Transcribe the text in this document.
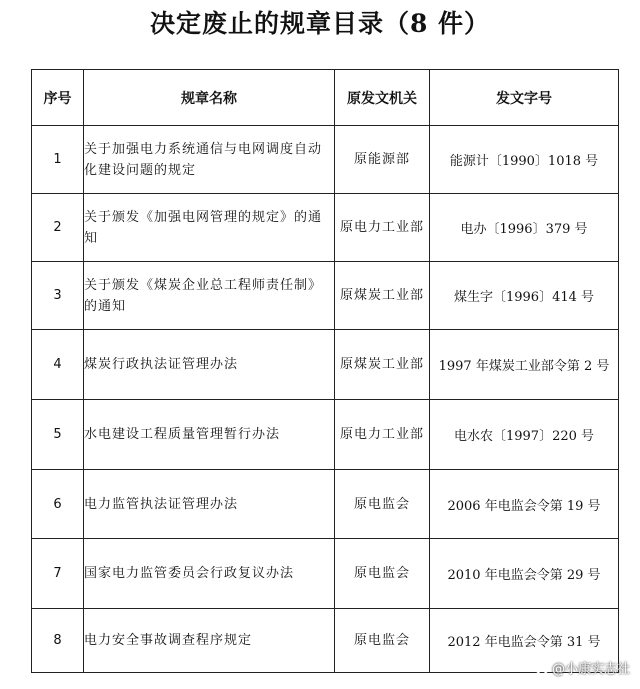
决定废止的规章目录（8 件）
序号	规章名称	原发文机关	发文字号
1	关于加强电力系统通信与电网调度自动化建设问题的规定	原能源部	能源计〔1990〕1018 号
2	关于颁发《加强电网管理的规定》的通知	原电力工业部	电办〔1996〕379 号
3	关于颁发《煤炭企业总工程师责任制》的通知	原煤炭工业部	煤生字〔1996〕414 号
4	煤炭行政执法证管理办法	原煤炭工业部	1997 年煤炭工业部令第 2 号
5	水电建设工程质量管理暂行办法	原电力工业部	电水农〔1997〕220 号
6	电力监管执法证管理办法	原电监会	2006 年电监会令第 19 号
7	国家电力监管委员会行政复议办法	原电监会	2010 年电监会令第 29 号
8	电力安全事故调查程序规定	原电监会	2012 年电监会令第 31 号
@小康实志社
